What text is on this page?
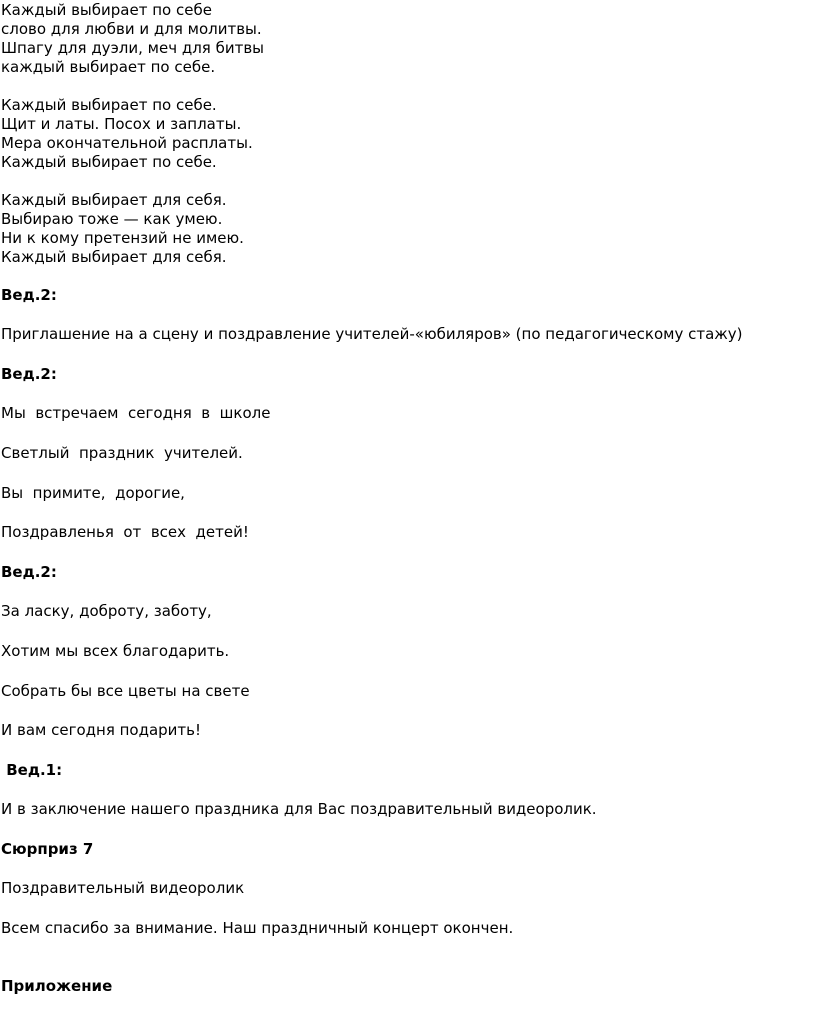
Каждый выбирает по себе
слово для любви и для молитвы.
Шпагу для дуэли, меч для битвы
каждый выбирает по себе.
Каждый выбирает по себе.
Щит и латы. Посох и заплаты.
Мера окончательной расплаты.
Каждый выбирает по себе.
Каждый выбирает для себя.
Выбираю тоже — как умею.
Ни к кому претензий не имею.
Каждый выбирает для себя.
Вед.2:
Приглашение на а сцену и поздравление учителей-«юбиляров» (по педагогическому стажу)
Вед.2:
Мы  встречаем  сегодня  в  школе
Светлый  праздник  учителей.
Вы  примите,  дорогие,
Поздравленья  от  всех  детей!
Вед.2:
За ласку, доброту, заботу,
Хотим мы всех благодарить.
Собрать бы все цветы на свете
И вам сегодня подарить!
Вед.1:
И в заключение нашего праздника для Вас поздравительный видеоролик.
Сюрприз 7
Поздравительный видеоролик
Всем спасибо за внимание. Наш праздничный концерт окончен.
Приложение
